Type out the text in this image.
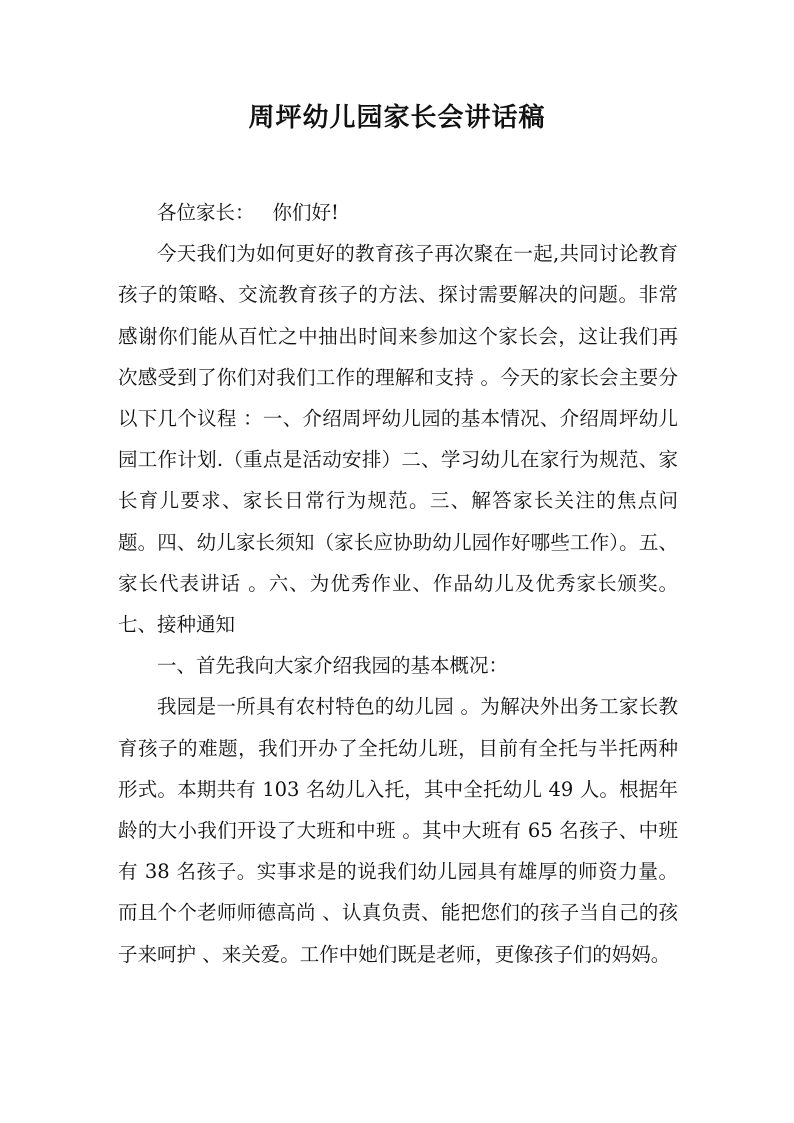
周坪幼儿园家长会讲话稿

各位家长： 你们好!

今天我们为如何更好的教育孩子再次聚在一起,共同讨论教育孩子的策略、交流教育孩子的方法、探讨需要解决的问题。非常感谢你们能从百忙之中抽出时间来参加这个家长会，这让我们再次感受到了你们对我们工作的理解和支持 。今天的家长会主要分以下几个议程 ：一、介绍周坪幼儿园的基本情况、介绍周坪幼儿园工作计划.（重点是活动安排）二、学习幼儿在家行为规范、家长育儿要求、家长日常行为规范。三、解答家长关注的焦点问题。四、幼儿家长须知（家长应协助幼儿园作好哪些工作）。五、家长代表讲话 。六、为优秀作业、作品幼儿及优秀家长颁奖。七、接种通知

一、首先我向大家介绍我园的基本概况：

我园是一所具有农村特色的幼儿园 。为解决外出务工家长教育孩子的难题，我们开办了全托幼儿班，目前有全托与半托两种形式。本期共有 103 名幼儿入托，其中全托幼儿 49 人。根据年龄的大小我们开设了大班和中班 。其中大班有 65 名孩子、中班有 38 名孩子。实事求是的说我们幼儿园具有雄厚的师资力量。而且个个老师师德高尚 、认真负责、能把您们的孩子当自己的孩子来呵护 、来关爱。工作中她们既是老师，更像孩子们的妈妈。
